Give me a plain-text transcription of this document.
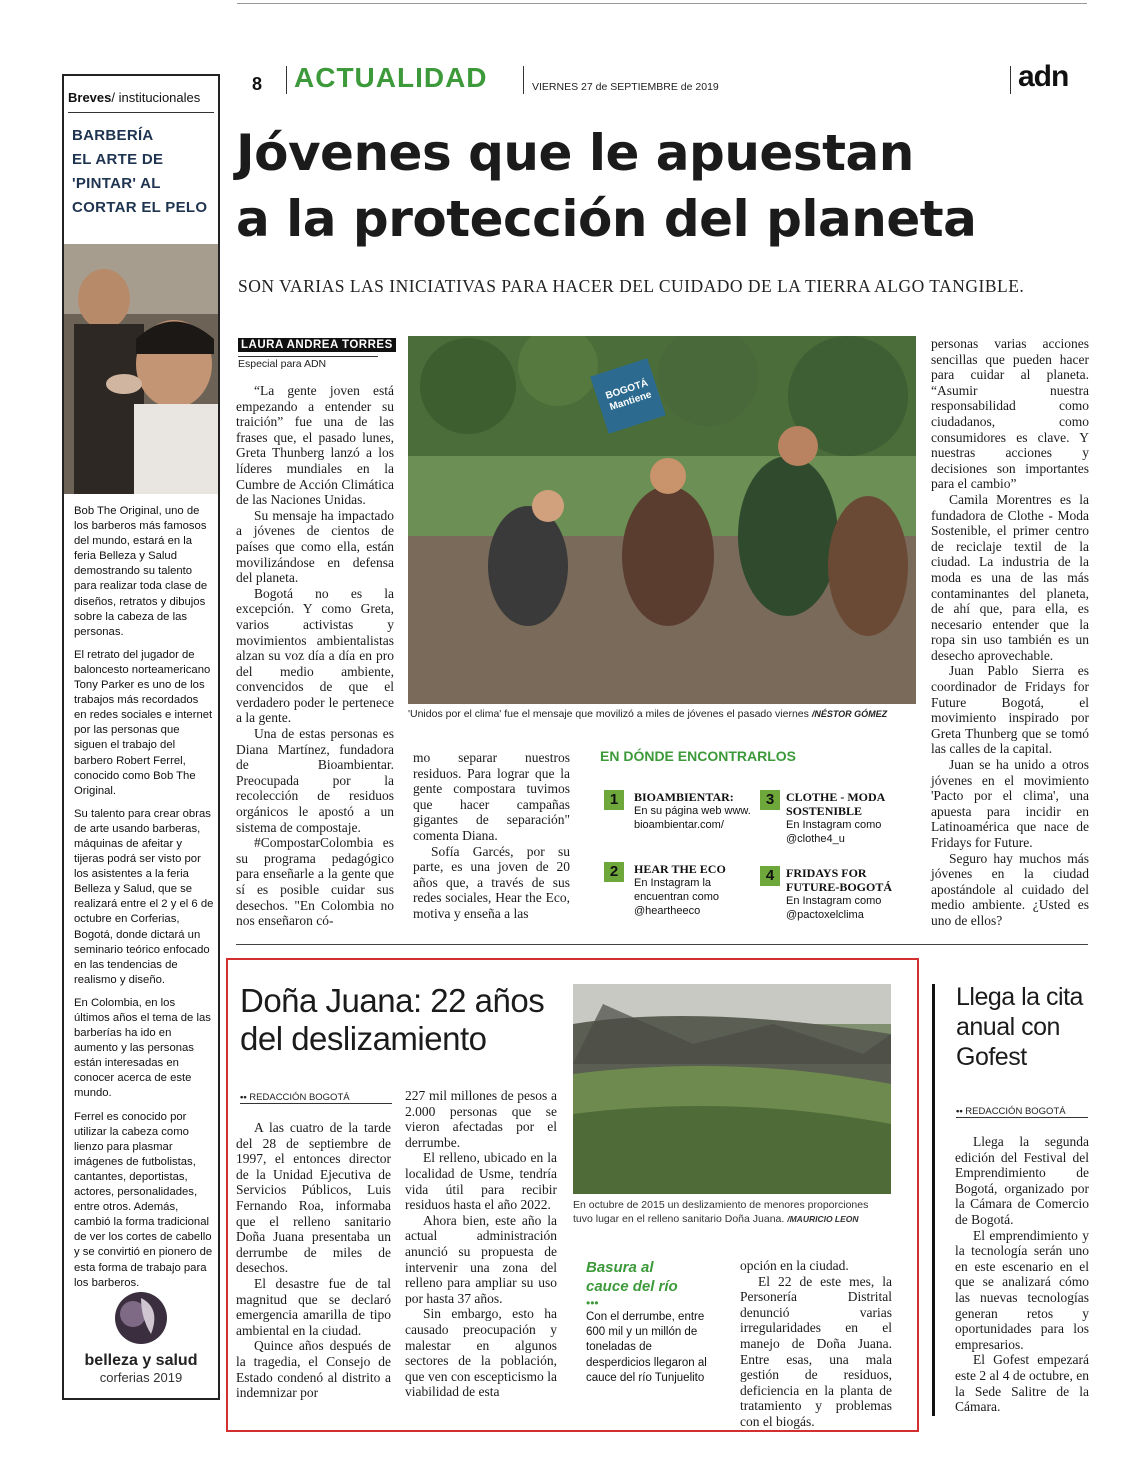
Breves/ institucionales
BARBERÍA
EL ARTE DE
'PINTAR' AL
CORTAR EL PELO

Bob The Original, uno de los barberos más famosos del mundo, estará en la feria Belleza y Salud demostrando su talento para realizar toda clase de diseños, retratos y dibujos sobre la cabeza de las personas.

El retrato del jugador de baloncesto norteamericano Tony Parker es uno de los trabajos más recordados en redes sociales e internet por las personas que siguen el trabajo del barbero Robert Ferrel, conocido como Bob The Original.

Su talento para crear obras de arte usando barberas, máquinas de afeitar y tijeras podrá ser visto por los asistentes a la feria Belleza y Salud, que se realizará entre el 2 y el 6 de octubre en Corferias, Bogotá, donde dictará un seminario teórico enfocado en las tendencias de realismo y diseño.

En Colombia, en los últimos años el tema de las barberías ha ido en aumento y las personas están interesadas en conocer acerca de este mundo.

Ferrel es conocido por utilizar la cabeza como lienzo para plasmar imágenes de futbolistas, cantantes, deportistas, actores, personalidades, entre otros. Además, cambió la forma tradicional de ver los cortes de cabello y se convirtió en pionero de esta forma de trabajo para los barberos.

belleza y salud
corferias 2019
8 ACTUALIDAD	VIERNES 27 de SEPTIEMBRE de 2019	adn
Jóvenes que le apuestan
a la protección del planeta
SON VARIAS LAS INICIATIVAS PARA HACER DEL CUIDADO DE LA TIERRA ALGO TANGIBLE.
LAURA ANDREA TORRES
Especial para ADN

“La gente joven está empezando a entender su traición” fue una de las frases que, el pasado lunes, Greta Thunberg lanzó a los líderes mundiales en la Cumbre de Acción Climática de las Naciones Unidas.

Su mensaje ha impactado a jóvenes de cientos de países que como ella, están movilizándose en defensa del planeta.

Bogotá no es la excepción. Y como Greta, varios activistas y movimientos ambientalistas alzan su voz día a día en pro del medio ambiente, convencidos de que el verdadero poder le pertenece a la gente.

Una de estas personas es Diana Martínez, fundadora de Bioambientar. Preocupada por la recolección de residuos orgánicos le apostó a un sistema de compostaje.

#CompostarColombia es su programa pedagógico para enseñarle a la gente que sí es posible cuidar sus desechos. "En Colombia no nos enseñaron có-

BOGOTÁ Mantiene
'Unidos por el clima' fue el mensaje que movilizó a miles de jóvenes el pasado viernes /NÉSTOR GÓMEZ

mo separar nuestros residuos. Para lograr que la gente compostara tuvimos que hacer campañas gigantes de separación" comenta Diana.

Sofía Garcés, por su parte, es una joven de 20 años que, a través de sus redes sociales, Hear the Eco, motiva y enseña a las

EN DÓNDE ENCONTRARLOS
1	BIOAMBIENTAR:
En su página web www.bioambientar.com/
2	HEAR THE ECO
En Instagram la encuentran como @heartheeco
3 CLOTHE - MODA SOSTENIBLE
En Instagram como @clothe4_u
4 FRIDAYS FOR FUTURE-BOGOTÁ
En Instagram como @pactoxelclima

personas varias acciones sencillas que pueden hacer para cuidar al planeta. “Asumir nuestra responsabilidad como ciudadanos, como consumidores es clave. Y nuestras acciones y decisiones son importantes para el cambio”

Camila Morentres es la fundadora de Clothe - Moda Sostenible, el primer centro de reciclaje textil de la ciudad. La industria de la moda es una de las más contaminantes del planeta, de ahí que, para ella, es necesario entender que la ropa sin uso también es un desecho aprovechable.

Juan Pablo Sierra es coordinador de Fridays for Future Bogotá, el movimiento inspirado por Greta Thunberg que se tomó las calles de la capital.

Juan se ha unido a otros jóvenes en el movimiento 'Pacto por el clima', una apuesta para incidir en Latinoamérica que nace de Fridays for Future.

Seguro hay muchos más jóvenes en la ciudad apostándole al cuidado del medio ambiente. ¿Usted es uno de ellos?

Doña Juana: 22 años del deslizamiento
•• REDACCIÓN BOGOTÁ

A las cuatro de la tarde del 28 de septiembre de 1997, el entonces director de la Unidad Ejecutiva de Servicios Públicos, Luis Fernando Roa, informaba que el relleno sanitario Doña Juana presentaba un derrumbe de miles de desechos.

El desastre fue de tal magnitud que se declaró emergencia amarilla de tipo ambiental en la ciudad.

Quince años después de la tragedia, el Consejo de Estado condenó al distrito a indemnizar por

227 mil millones de pesos a 2.000 personas que se vieron afectadas por el derrumbe.

El relleno, ubicado en la localidad de Usme, tendría vida útil para recibir residuos hasta el año 2022.

Ahora bien, este año la actual administración anunció su propuesta de intervenir una zona del relleno para ampliar su uso por hasta 37 años.

Sin embargo, esto ha causado preocupación y malestar en algunos sectores de la población, que ven con escepticismo la viabilidad de esta

En octubre de 2015 un deslizamiento de menores proporciones tuvo lugar en el relleno sanitario Doña Juana. /MAURICIO LEON
Basura al
cauce del río
•••
Con el derrumbe, entre 600 mil y un millón de toneladas de desperdicios llegaron al cauce del río Tunjuelito

opción en la ciudad.

El 22 de este mes, la Personería Distrital denunció varias irregularidades en el manejo de Doña Juana. Entre esas, una mala gestión de residuos, deficiencia en la planta de tratamiento y problemas con el biogás.

Llega la cita anual con Gofest
•• REDACCIÓN BOGOTÁ

Llega la segunda edición del Festival del Emprendimiento de Bogotá, organizado por la Cámara de Comercio de Bogotá.

El emprendimiento y la tecnología serán uno en este escenario en el que se analizará cómo las nuevas tecnologías generan retos y oportunidades para los empresarios.

El Gofest empezará este 2 al 4 de octubre, en la Sede Salitre de la Cámara.
